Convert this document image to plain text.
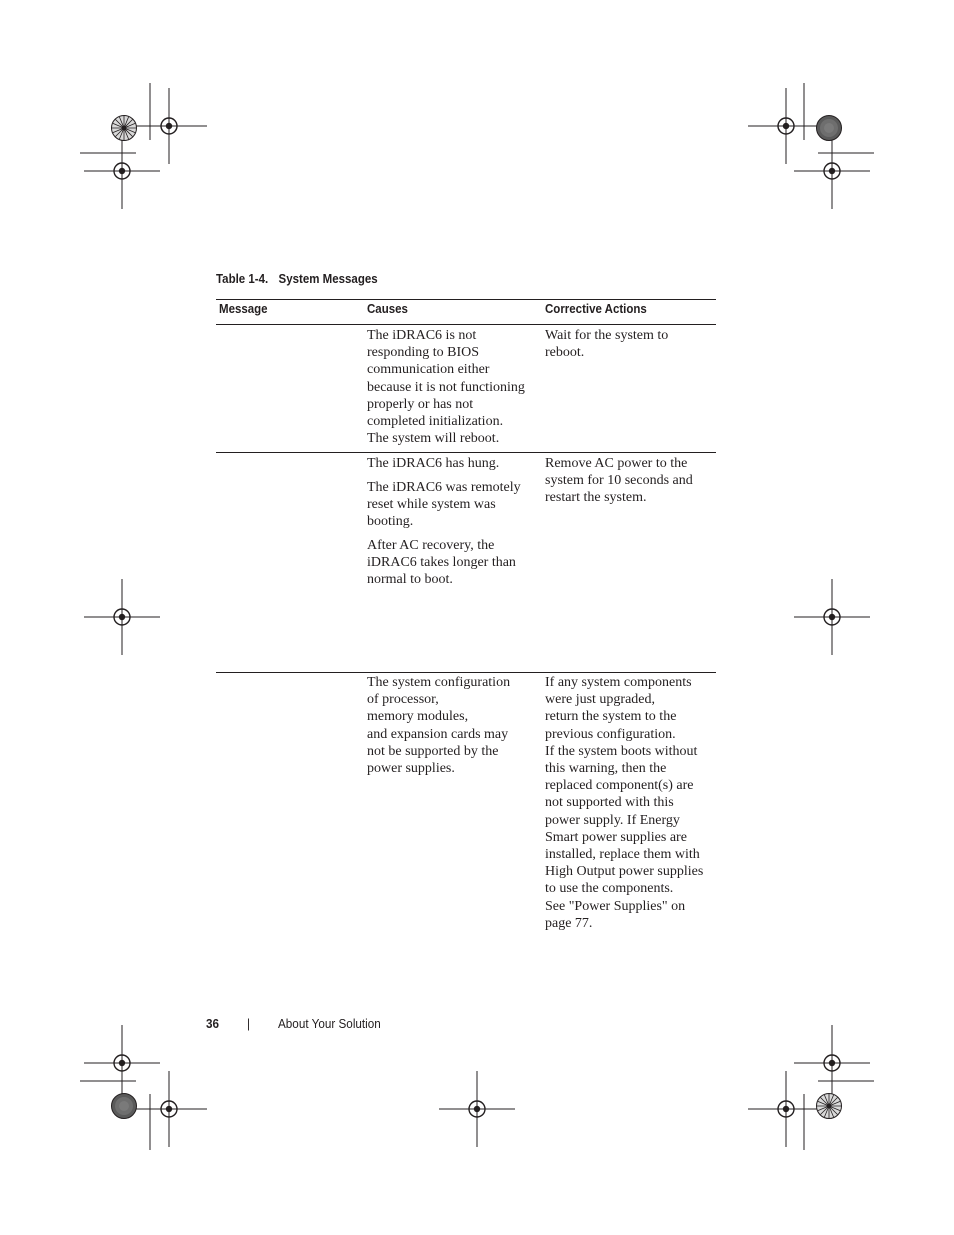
Table 1-4. System Messages
Message	Causes	Corrective Actions

The iDRAC6 is not
responding to BIOS
communication either
because it is not functioning
properly or has not
completed initialization.
The system will reboot.

Wait for the system to
reboot.

The iDRAC6 has hung.

The iDRAC6 was remotely
reset while system was
booting.

After AC recovery, the
iDRAC6 takes longer than
normal to boot.

Remove AC power to the
system for 10 seconds and
restart the system.

The system configuration
of processor,
memory modules,
and expansion cards may
not be supported by the
power supplies.

If any system components
were just upgraded,
return the system to the
previous configuration.
If the system boots without
this warning, then the
replaced component(s) are
not supported with this
power supply. If Energy
Smart power supplies are
installed, replace them with
High Output power supplies
to use the components.
See "Power Supplies" on
page 77.

36 | About Your Solution
